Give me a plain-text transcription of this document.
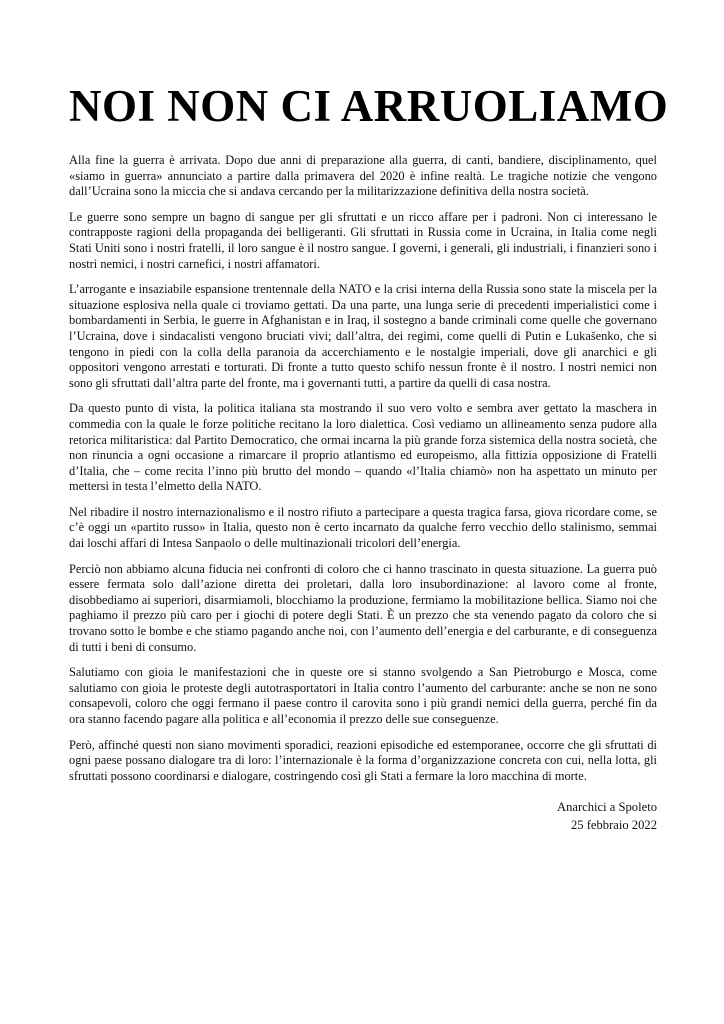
NOI NON CI ARRUOLIAMO

Alla fine la guerra è arrivata. Dopo due anni di preparazione alla guerra, di canti, bandiere, disciplinamento, quel «siamo in guerra» annunciato a partire dalla primavera del 2020 è infine realtà. Le tragiche notizie che vengono dall’Ucraina sono la miccia che si andava cercando per la militarizzazione definitiva della nostra società.

Le guerre sono sempre un bagno di sangue per gli sfruttati e un ricco affare per i padroni. Non ci interessano le contrapposte ragioni della propaganda dei belligeranti. Gli sfruttati in Russia come in Ucraina, in Italia come negli Stati Uniti sono i nostri fratelli, il loro sangue è il nostro sangue. I governi, i generali, gli industriali, i finanzieri sono i nostri nemici, i nostri carnefici, i nostri affamatori.

L’arrogante e insaziabile espansione trentennale della NATO e la crisi interna della Russia sono state la miscela per la situazione esplosiva nella quale ci troviamo gettati. Da una parte, una lunga serie di precedenti imperialistici come i bombardamenti in Serbia, le guerre in Afghanistan e in Iraq, il sostegno a bande criminali come quelle che governano l’Ucraina, dove i sindacalisti vengono bruciati vivi; dall’altra, dei regimi, come quelli di Putin e Lukašenko, che si tengono in piedi con la colla della paranoia da accerchiamento e le nostalgie imperiali, dove gli anarchici e gli oppositori vengono arrestati e torturati. Di fronte a tutto questo schifo nessun fronte è il nostro. I nostri nemici non sono gli sfruttati dall’altra parte del fronte, ma i governanti tutti, a partire da quelli di casa nostra.

Da questo punto di vista, la politica italiana sta mostrando il suo vero volto e sembra aver gettato la maschera in commedia con la quale le forze politiche recitano la loro dialettica. Così vediamo un allineamento senza pudore alla retorica militaristica: dal Partito Democratico, che ormai incarna la più grande forza sistemica della nostra società, che non rinuncia a ogni occasione a rimarcare il proprio atlantismo ed europeismo, alla fittizia opposizione di Fratelli d’Italia, che – come recita l’inno più brutto del mondo – quando «l’Italia chiamò» non ha aspettato un minuto per mettersi in testa l’elmetto della NATO.

Nel ribadire il nostro internazionalismo e il nostro rifiuto a partecipare a questa tragica farsa, giova ricordare come, se c’è oggi un «partito russo» in Italia, questo non è certo incarnato da qualche ferro vecchio dello stalinismo, semmai dai loschi affari di Intesa Sanpaolo o delle multinazionali tricolori dell’energia.

Perciò non abbiamo alcuna fiducia nei confronti di coloro che ci hanno trascinato in questa situazione. La guerra può essere fermata solo dall’azione diretta dei proletari, dalla loro insubordinazione: al lavoro come al fronte, disobbediamo ai superiori, disarmiamoli, blocchiamo la produzione, fermiamo la mobilitazione bellica. Siamo noi che paghiamo il prezzo più caro per i giochi di potere degli Stati. È un prezzo che sta venendo pagato da coloro che si trovano sotto le bombe e che stiamo pagando anche noi, con l’aumento dell’energia e del carburante, e di conseguenza di tutti i beni di consumo.

Salutiamo con gioia le manifestazioni che in queste ore si stanno svolgendo a San Pietroburgo e Mosca, come salutiamo con gioia le proteste degli autotrasportatori in Italia contro l’aumento del carburante: anche se non ne sono consapevoli, coloro che oggi fermano il paese contro il carovita sono i più grandi nemici della guerra, perché fin da ora stanno facendo pagare alla politica e all’economia il prezzo delle sue conseguenze.

Però, affinché questi non siano movimenti sporadici, reazioni episodiche ed estemporanee, occorre che gli sfruttati di ogni paese possano dialogare tra di loro: l’internazionale è la forma d’organizzazione concreta con cui, nella lotta, gli sfruttati possono coordinarsi e dialogare, costringendo così gli Stati a fermare la loro macchina di morte.

Anarchici a Spoleto
25 febbraio 2022
